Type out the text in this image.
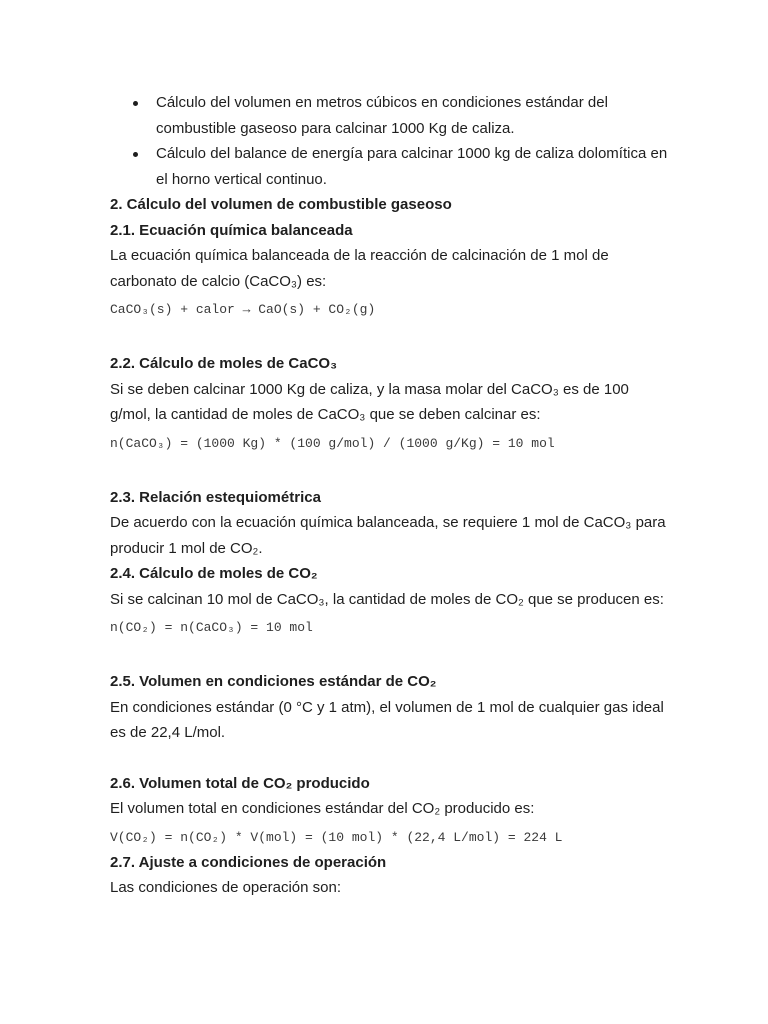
Cálculo del volumen en metros cúbicos en condiciones estándar del combustible gaseoso para calcinar 1000 Kg de caliza.
Cálculo del balance de energía para calcinar 1000 kg de caliza dolomítica en el horno vertical continuo.

2. Cálculo del volumen de combustible gaseoso

2.1. Ecuación química balanceada

La ecuación química balanceada de la reacción de calcinación de 1 mol de carbonato de calcio (CaCO₃) es:

CaCO₃(s) + calor → CaO(s) + CO₂(g)

2.2. Cálculo de moles de CaCO₃

Si se deben calcinar 1000 Kg de caliza, y la masa molar del CaCO₃ es de 100 g/mol, la cantidad de moles de CaCO₃ que se deben calcinar es:

n(CaCO₃) = (1000 Kg) * (100 g/mol) / (1000 g/Kg) = 10 mol

2.3. Relación estequiométrica

De acuerdo con la ecuación química balanceada, se requiere 1 mol de CaCO₃ para producir 1 mol de CO₂.

2.4. Cálculo de moles de CO₂

Si se calcinan 10 mol de CaCO₃, la cantidad de moles de CO₂ que se producen es:

n(CO₂) = n(CaCO₃) = 10 mol

2.5. Volumen en condiciones estándar de CO₂

En condiciones estándar (0 °C y 1 atm), el volumen de 1 mol de cualquier gas ideal es de 22,4 L/mol.

2.6. Volumen total de CO₂ producido

El volumen total en condiciones estándar del CO₂ producido es:

V(CO₂) = n(CO₂) * V(mol) = (10 mol) * (22,4 L/mol) = 224 L

2.7. Ajuste a condiciones de operación

Las condiciones de operación son:
